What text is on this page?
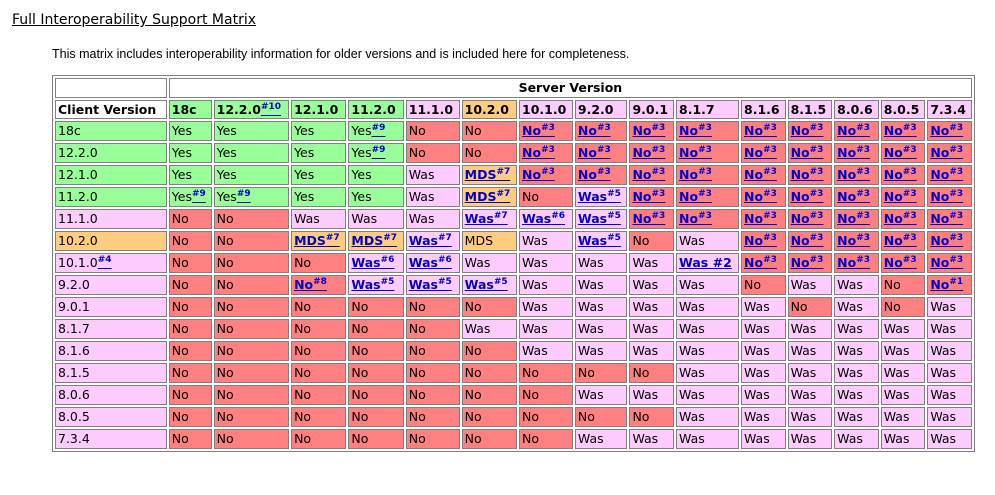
Full Interoperability Support Matrix

This matrix includes interoperability information for older versions and is included here for completeness.

	Server Version														
Client Version	18c	12.2.0$^{\#10}$	12.1.0	11.2.0	11.1.0	10.2.0	10.1.0	9.2.0	9.0.1	8.1.7	8.1.6	8.1.5	8.0.6	8.0.5	7.3.4
18c	Yes	Yes	Yes	Yes$^{\#9}$	No	No	No$^{\#3}$	No$^{\#3}$	No$^{\#3}$	No$^{\#3}$	No$^{\#3}$	No$^{\#3}$	No$^{\#3}$	No$^{\#3}$	No$^{\#3}$
12.2.0	Yes	Yes	Yes	Yes$^{\#9}$	No	No	No$^{\#3}$	No$^{\#3}$	No$^{\#3}$	No$^{\#3}$	No$^{\#3}$	No$^{\#3}$	No$^{\#3}$	No$^{\#3}$	No$^{\#3}$
12.1.0	Yes	Yes	Yes	Yes	Was	MDS$^{\#7}$	No$^{\#3}$	No$^{\#3}$	No$^{\#3}$	No$^{\#3}$	No$^{\#3}$	No$^{\#3}$	No$^{\#3}$	No$^{\#3}$	No$^{\#3}$
11.2.0	Yes$^{\#9}$	Yes$^{\#9}$	Yes	Yes	Was	MDS$^{\#7}$	No	Was$^{\#5}$	No$^{\#3}$	No$^{\#3}$	No$^{\#3}$	No$^{\#3}$	No$^{\#3}$	No$^{\#3}$	No$^{\#3}$
11.1.0	No	No	Was	Was	Was	Was$^{\#7}$	Was$^{\#6}$	Was$^{\#5}$	No$^{\#3}$	No$^{\#3}$	No$^{\#3}$	No$^{\#3}$	No$^{\#3}$	No$^{\#3}$	No$^{\#3}$
10.2.0	No	No	MDS$^{\#7}$	MDS$^{\#7}$	Was$^{\#7}$	MDS	Was	Was$^{\#5}$	No	Was	No$^{\#3}$	No$^{\#3}$	No$^{\#3}$	No$^{\#3}$	No$^{\#3}$
10.1.0$^{\#4}$	No	No	No	Was$^{\#6}$	Was$^{\#6}$	Was	Was	Was	Was	Was #2	No$^{\#3}$	No$^{\#3}$	No$^{\#3}$	No$^{\#3}$	No$^{\#3}$
9.2.0	No	No	No$^{\#8}$	Was$^{\#5}$	Was$^{\#5}$	Was$^{\#5}$	Was	Was	Was	Was	No	Was	Was	No	No$^{\#1}$
9.0.1	No	No	No	No	No	No	Was	Was	Was	Was	Was	No	Was	No	Was
8.1.7	No	No	No	No	No	Was	Was	Was	Was	Was	Was	Was	Was	Was	Was
8.1.6	No	No	No	No	No	No	Was	Was	Was	Was	Was	Was	Was	Was	Was
8.1.5	No	No	No	No	No	No	No	No	No	Was	Was	Was	Was	Was	Was
8.0.6	No	No	No	No	No	No	No	Was	Was	Was	Was	Was	Was	Was	Was
8.0.5	No	No	No	No	No	No	No	No	No	Was	Was	Was	Was	Was	Was
7.3.4	No	No	No	No	No	No	No	Was	Was	Was	Was	Was	Was	Was	Was
